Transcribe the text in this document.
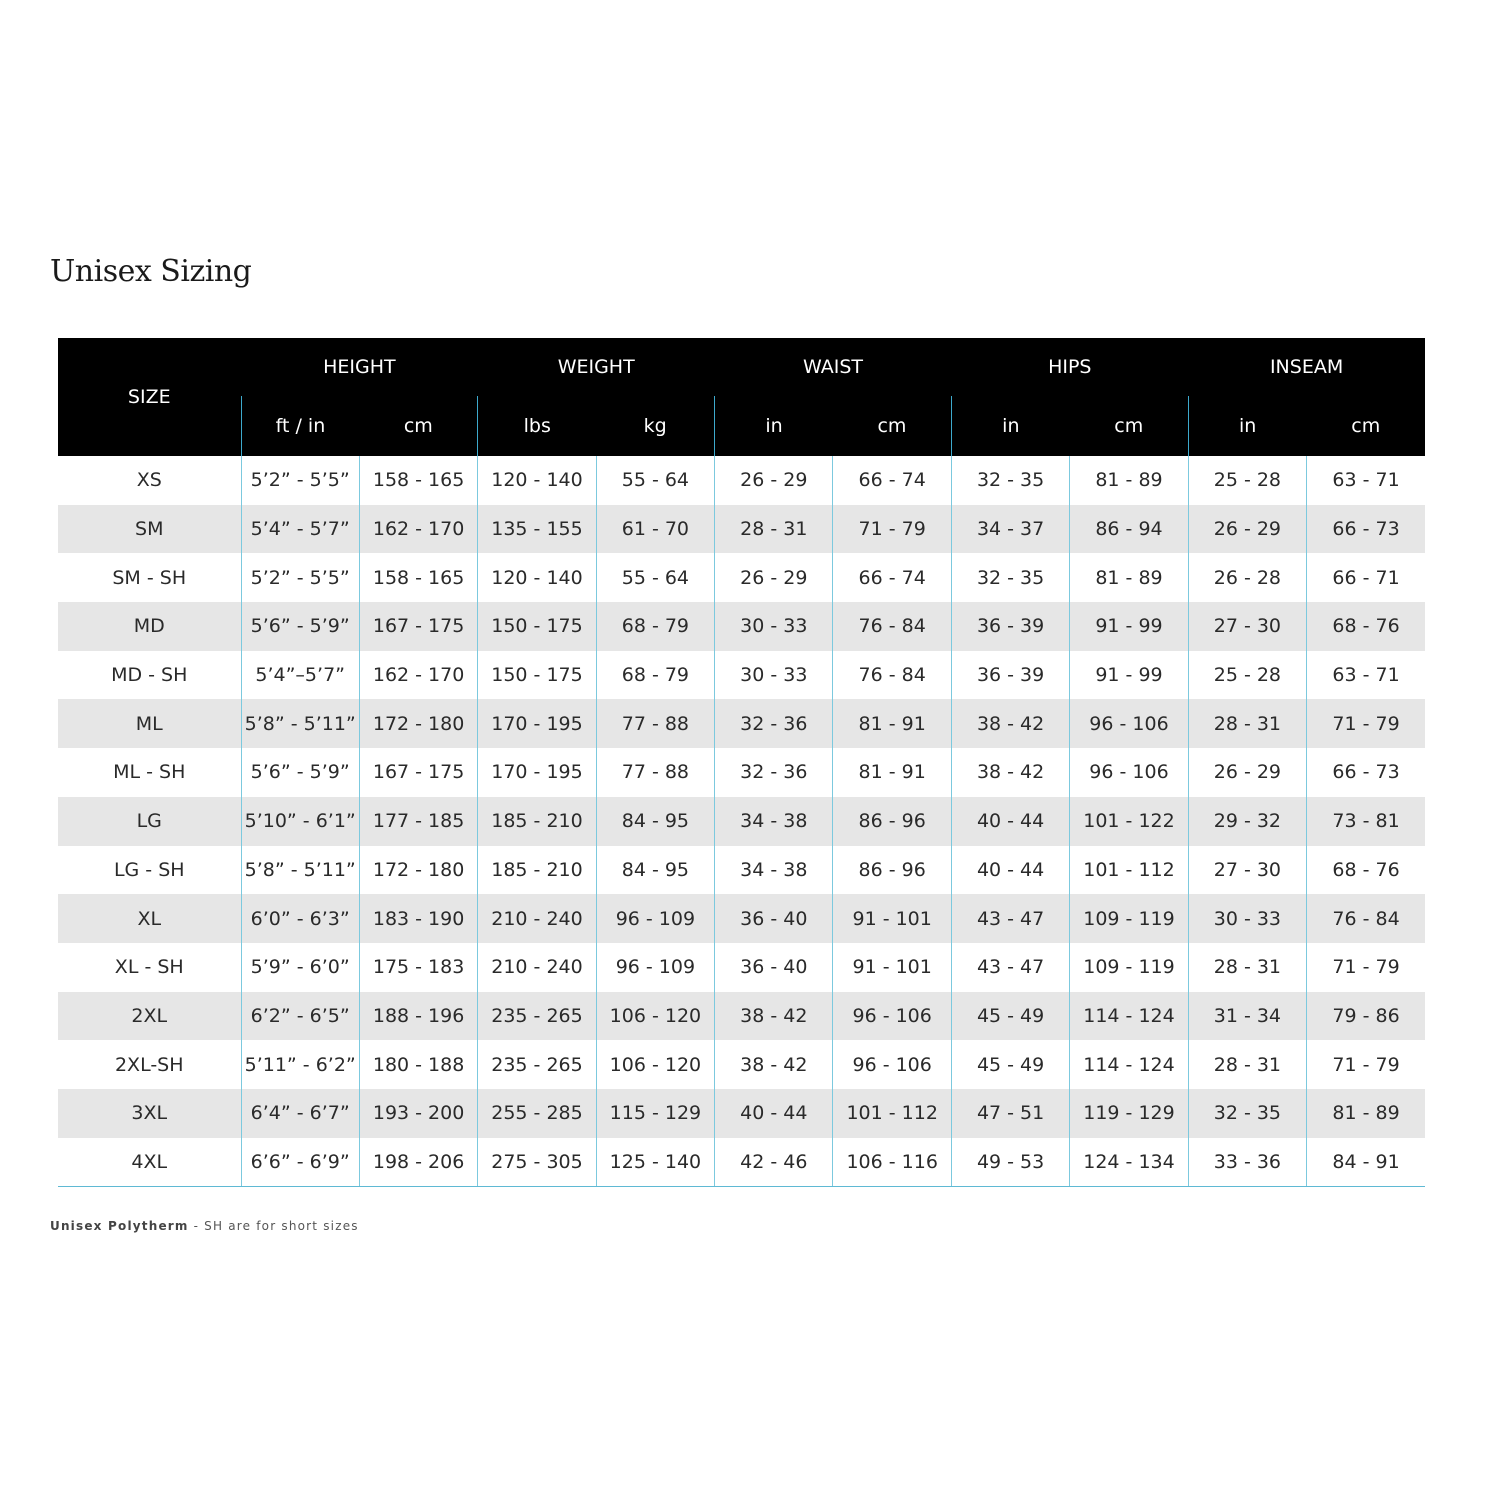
Unisex Sizing
SIZE	HEIGHT		WEIGHT		WAIST		HIPS		INSEAM	
	ft / in	cm	lbs	kg	in	cm	in	cm	in	cm
XS	5’2” - 5’5”	158 - 165	120 - 140	55 - 64	26 - 29	66 - 74	32 - 35	81 - 89	25 - 28	63 - 71
SM	5’4” - 5’7”	162 - 170	135 - 155	61 - 70	28 - 31	71 - 79	34 - 37	86 - 94	26 - 29	66 - 73
SM - SH	5’2” - 5’5”	158 - 165	120 - 140	55 - 64	26 - 29	66 - 74	32 - 35	81 - 89	26 - 28	66 - 71
MD	5’6” - 5’9”	167 - 175	150 - 175	68 - 79	30 - 33	76 - 84	36 - 39	91 - 99	27 - 30	68 - 76
MD - SH	5’4”–5’7”	162 - 170	150 - 175	68 - 79	30 - 33	76 - 84	36 - 39	91 - 99	25 - 28	63 - 71
ML	5’8” - 5’11”	172 - 180	170 - 195	77 - 88	32 - 36	81 - 91	38 - 42	96 - 106	28 - 31	71 - 79
ML - SH	5’6” - 5’9”	167 - 175	170 - 195	77 - 88	32 - 36	81 - 91	38 - 42	96 - 106	26 - 29	66 - 73
LG	5’10” - 6’1”	177 - 185	185 - 210	84 - 95	34 - 38	86 - 96	40 - 44	101 - 122	29 - 32	73 - 81
LG - SH	5’8” - 5’11”	172 - 180	185 - 210	84 - 95	34 - 38	86 - 96	40 - 44	101 - 112	27 - 30	68 - 76
XL	6’0” - 6’3”	183 - 190	210 - 240	96 - 109	36 - 40	91 - 101	43 - 47	109 - 119	30 - 33	76 - 84
XL - SH	5’9” - 6’0”	175 - 183	210 - 240	96 - 109	36 - 40	91 - 101	43 - 47	109 - 119	28 - 31	71 - 79
2XL	6’2” - 6’5”	188 - 196	235 - 265	106 - 120	38 - 42	96 - 106	45 - 49	114 - 124	31 - 34	79 - 86
2XL-SH	5’11” - 6’2”	180 - 188	235 - 265	106 - 120	38 - 42	96 - 106	45 - 49	114 - 124	28 - 31	71 - 79
3XL	6’4” - 6’7”	193 - 200	255 - 285	115 - 129	40 - 44	101 - 112	47 - 51	119 - 129	32 - 35	81 - 89
4XL	6’6” - 6’9”	198 - 206	275 - 305	125 - 140	42 - 46	106 - 116	49 - 53	124 - 134	33 - 36	84 - 91

Unisex Polytherm - SH are for short sizes
